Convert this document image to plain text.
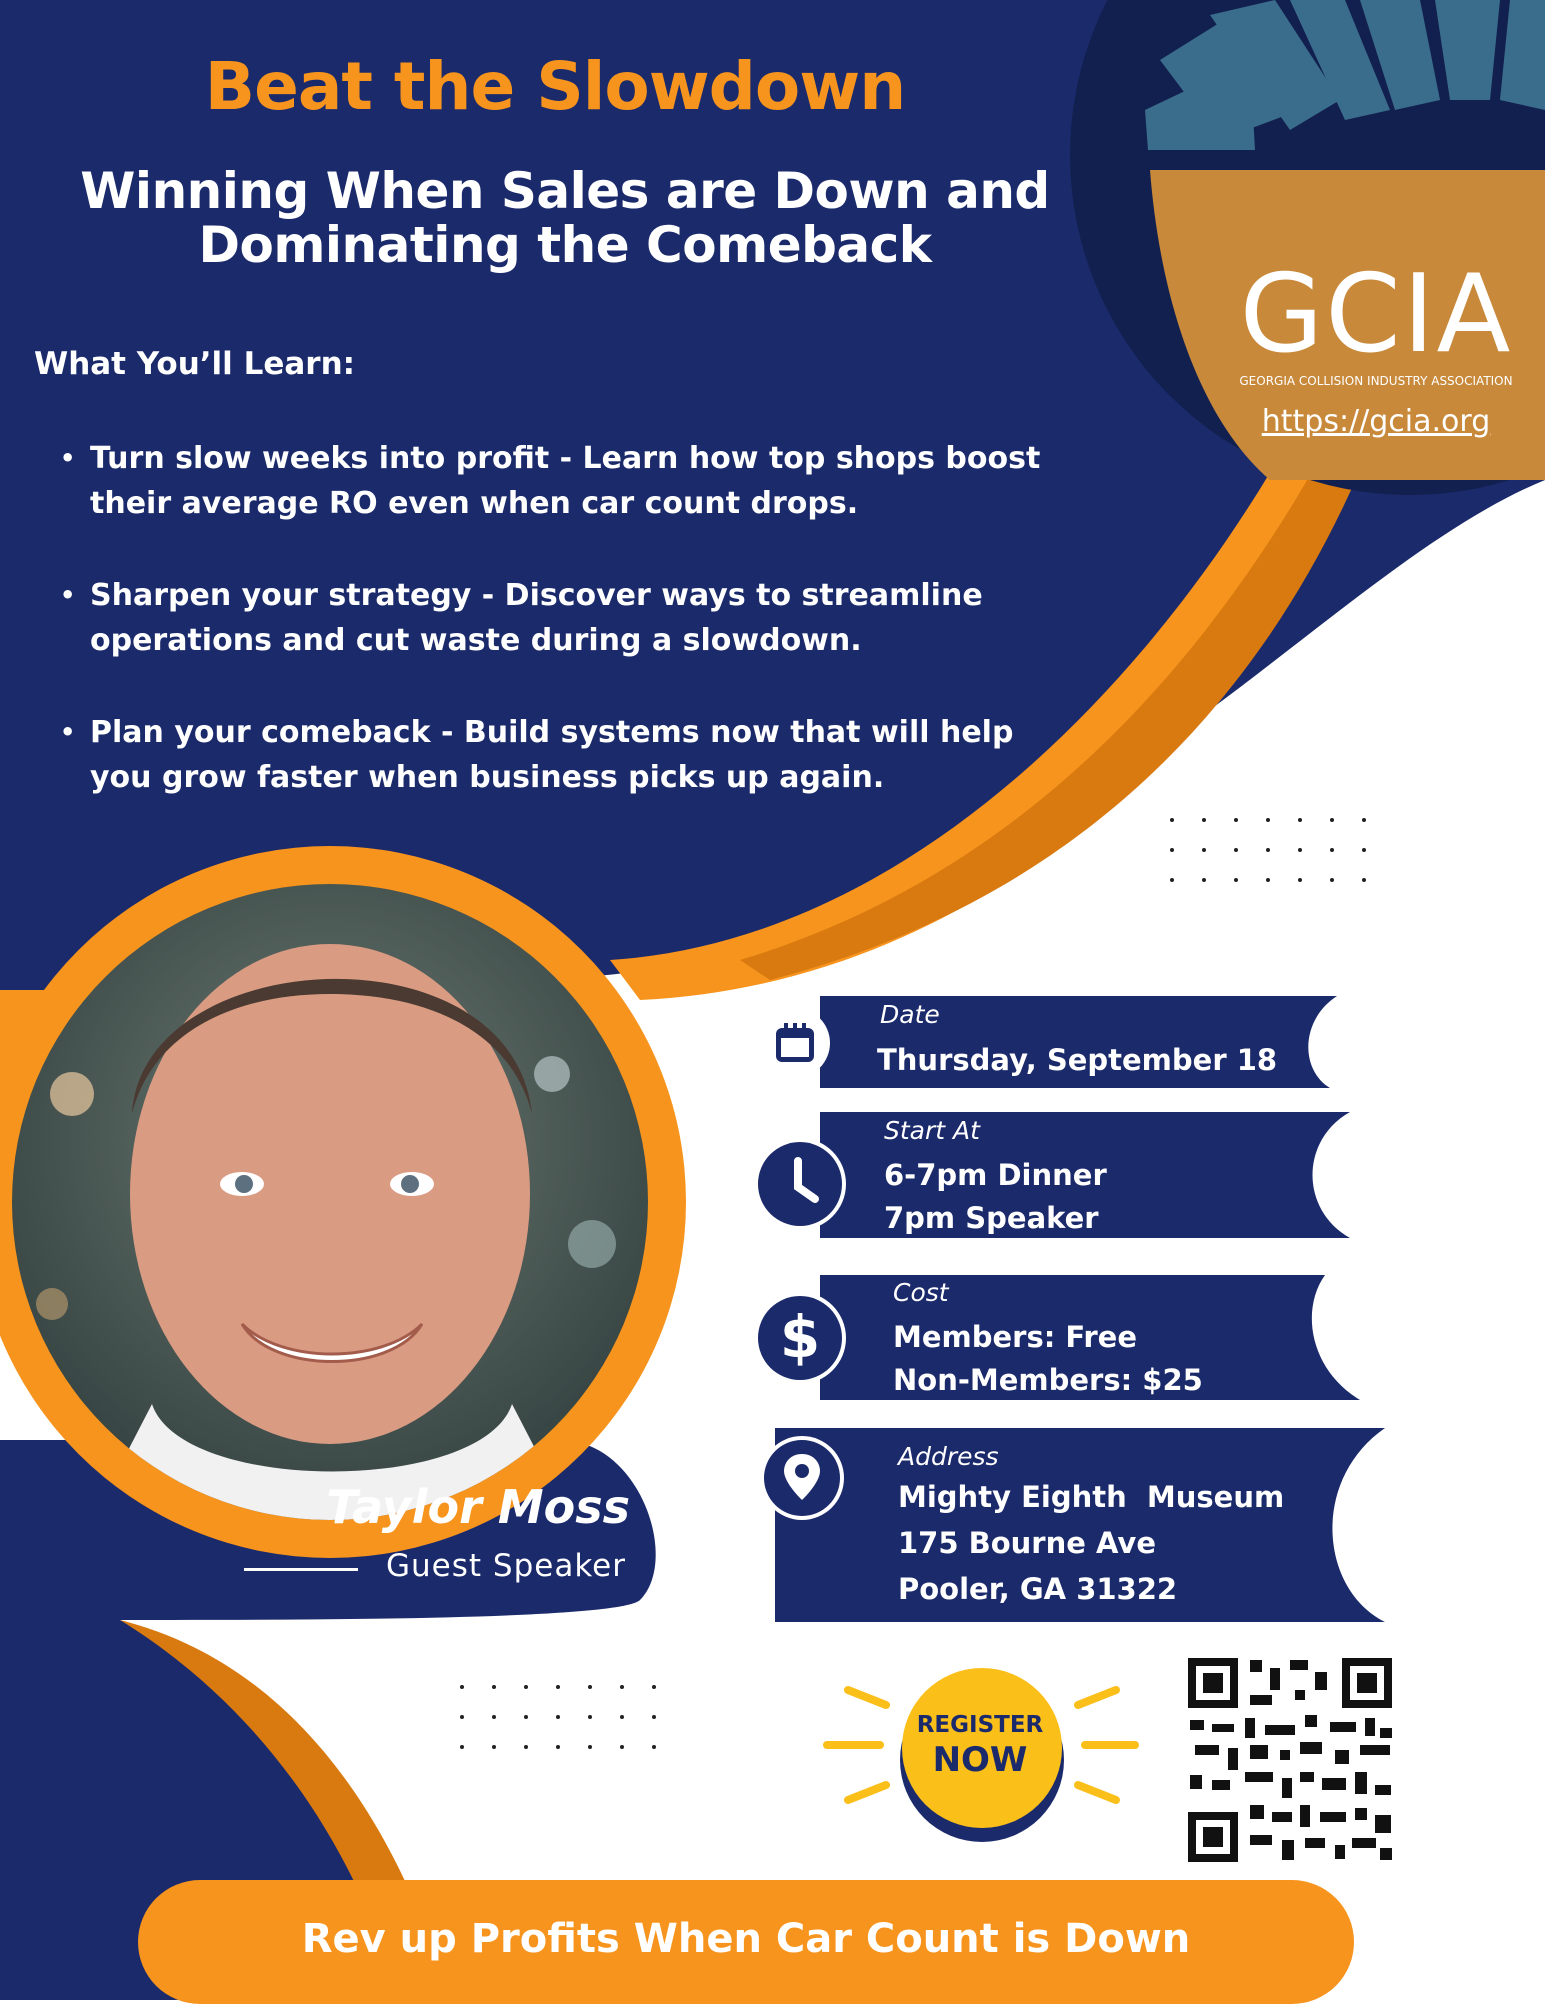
Beat the Slowdown
Winning When Sales are Down and
Dominating the Comeback
What You’ll Learn:
• Turn slow weeks into profit - Learn how top shops boost
their average RO even when car count drops.
• Sharpen your strategy - Discover ways to streamline
operations and cut waste during a slowdown.
• Plan your comeback - Build systems now that will help
you grow faster when business picks up again.
GCIA
GEORGIA COLLISION INDUSTRY ASSOCIATION
https://gcia.org
Taylor Moss
Guest Speaker
Date
Thursday, September 18
Start At
6-7pm Dinner
7pm Speaker
$
Cost
Members: Free
Non-Members: $25
Address
Mighty Eighth  Museum
175 Bourne Ave
Pooler, GA 31322
REGISTER
NOW
Rev up Profits When Car Count is Down
